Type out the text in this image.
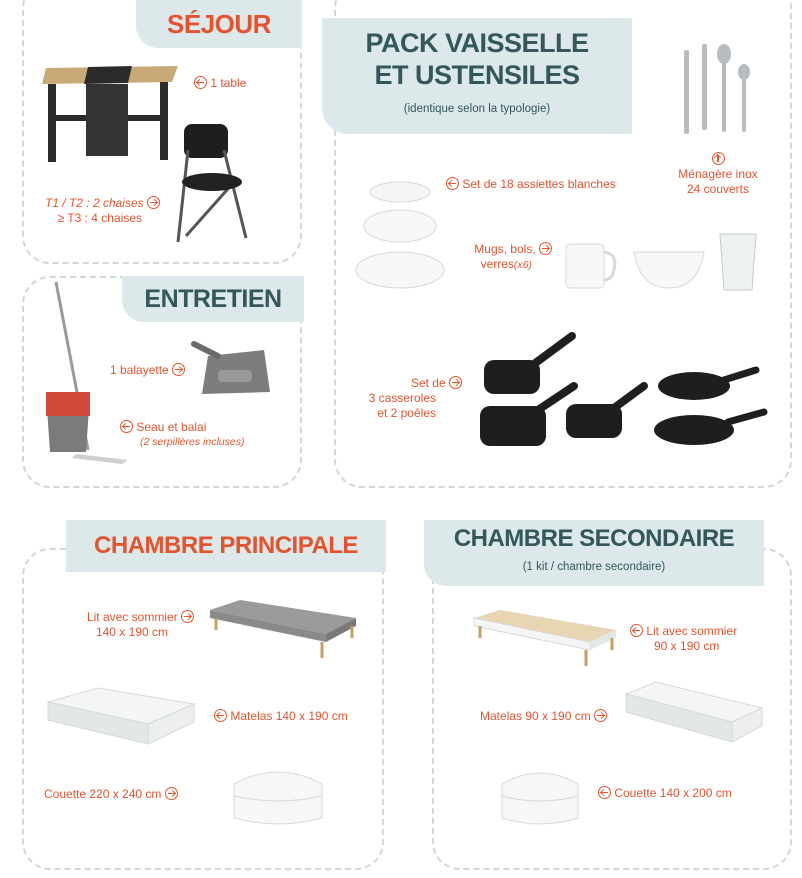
SÉJOUR
1 table
T1 / T2 : 2 chaises
≥ T3 : 4 chaises
ENTRETIEN
1 balayette
Seau et balai
(2 serpillères incluses)
PACK VAISSELLE
ET USTENSILES
(identique selon la typologie)
Set de 18 assiettes blanches
Ménagère inox
24 couverts
Mugs, bols,
verres(x6)
Set de
3 casseroles
et 2 poêles
CHAMBRE PRINCIPALE
Lit avec sommier
140 x 190 cm
Matelas 140 x 190 cm
Couette 220 x 240 cm
CHAMBRE SECONDAIRE
(1 kit / chambre secondaire)
Lit avec sommier
90 x 190 cm
Matelas 90 x 190 cm
Couette 140 x 200 cm
